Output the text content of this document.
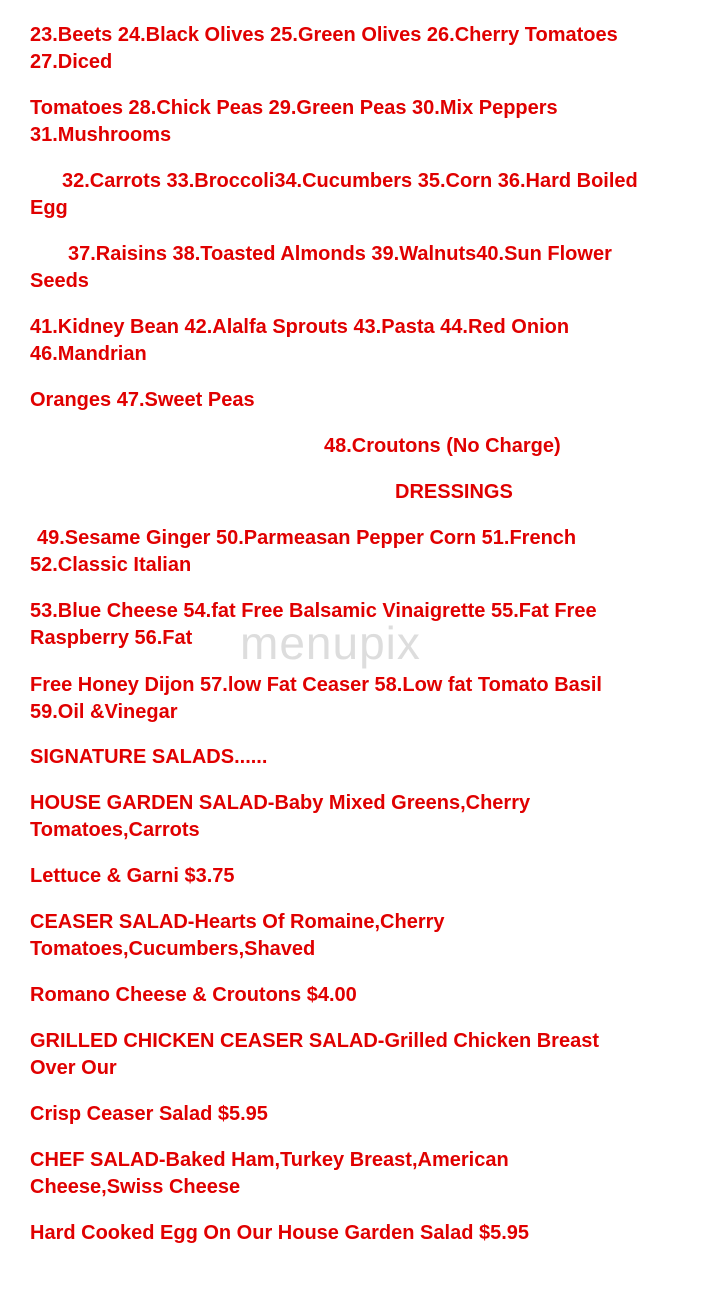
23.Beets 24.Black Olives 25.Green Olives 26.Cherry Tomatoes

27.Diced

Tomatoes 28.Chick Peas 29.Green Peas 30.Mix Peppers

31.Mushrooms

32.Carrots 33.Broccoli34.Cucumbers 35.Corn 36.Hard Boiled

Egg

37.Raisins 38.Toasted Almonds 39.Walnuts40.Sun Flower

Seeds

41.Kidney Bean 42.Alalfa Sprouts 43.Pasta 44.Red Onion

46.Mandrian

Oranges 47.Sweet Peas

48.Croutons (No Charge)

DRESSINGS

49.Sesame Ginger 50.Parmeasan Pepper Corn 51.French

52.Classic Italian

53.Blue Cheese 54.fat Free Balsamic Vinaigrette 55.Fat Free

Raspberry 56.Fat

Free Honey Dijon 57.low Fat Ceaser 58.Low fat Tomato Basil

59.Oil &Vinegar

SIGNATURE SALADS......

HOUSE GARDEN SALAD-Baby Mixed Greens,Cherry

Tomatoes,Carrots

Lettuce & Garni $3.75

CEASER SALAD-Hearts Of Romaine,Cherry

Tomatoes,Cucumbers,Shaved

Romano Cheese & Croutons $4.00

GRILLED CHICKEN CEASER SALAD-Grilled Chicken Breast

Over Our

Crisp Ceaser Salad $5.95

CHEF SALAD-Baked Ham,Turkey Breast,American

Cheese,Swiss Cheese

Hard Cooked Egg On Our House Garden Salad $5.95

menupix
